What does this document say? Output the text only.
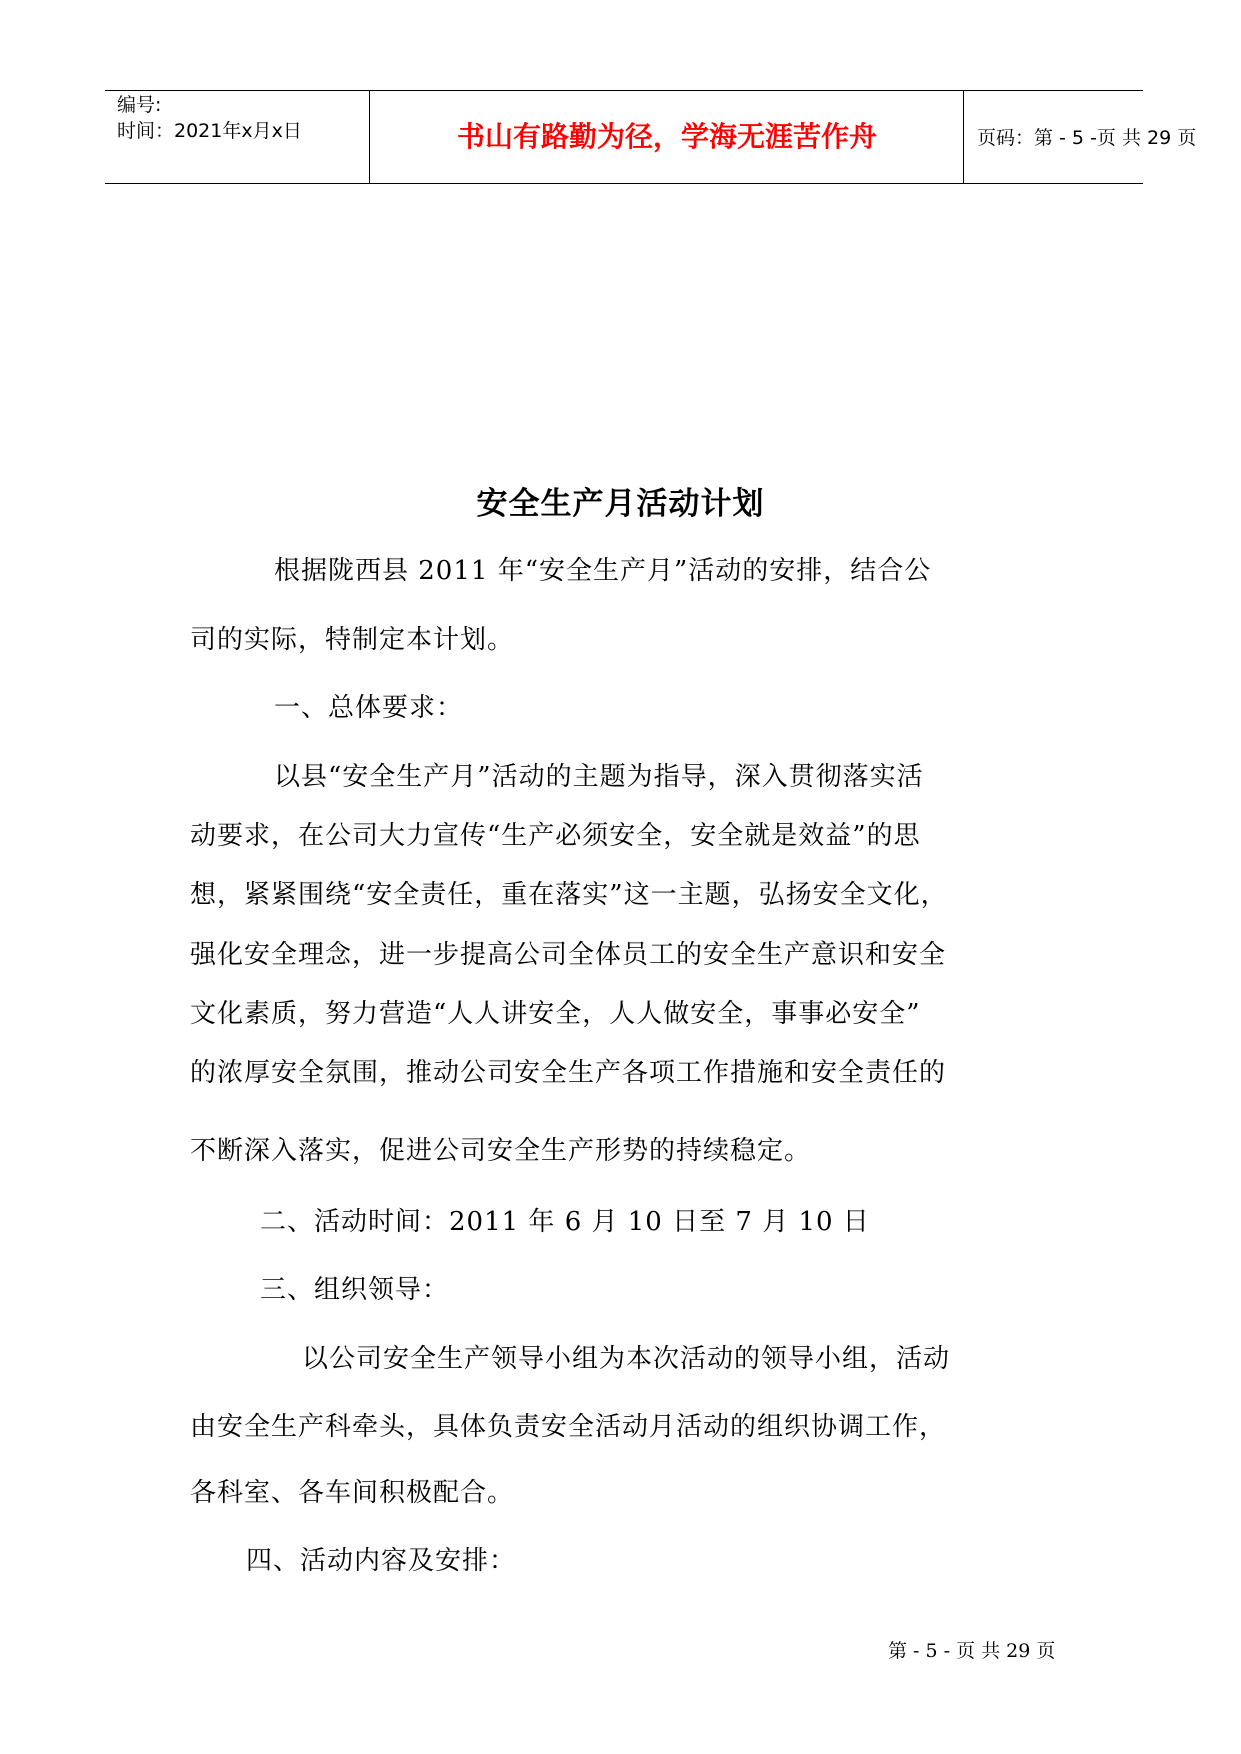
编号:
时间：2021年x月x日	书山有路勤为径，学海无涯苦作舟	页码：第 - 5 -页 共 29 页
安全生产月活动计划
根据陇西县 2011 年“安全生产月”活动的安排，结合公
司的实际，特制定本计划。
一、总体要求：
以县“安全生产月”活动的主题为指导，深入贯彻落实活
动要求，在公司大力宣传“生产必须安全，安全就是效益”的思
想，紧紧围绕“安全责任，重在落实”这一主题，弘扬安全文化，
强化安全理念，进一步提高公司全体员工的安全生产意识和安全
文化素质，努力营造“人人讲安全，人人做安全，事事必安全”
的浓厚安全氛围，推动公司安全生产各项工作措施和安全责任的
不断深入落实，促进公司安全生产形势的持续稳定。
二、活动时间：2011 年 6 月 10 日至 7 月 10 日
三、组织领导：
以公司安全生产领导小组为本次活动的领导小组，活动
由安全生产科牵头，具体负责安全活动月活动的组织协调工作，
各科室、各车间积极配合。
四、活动内容及安排：
第 - 5 - 页 共 29 页
